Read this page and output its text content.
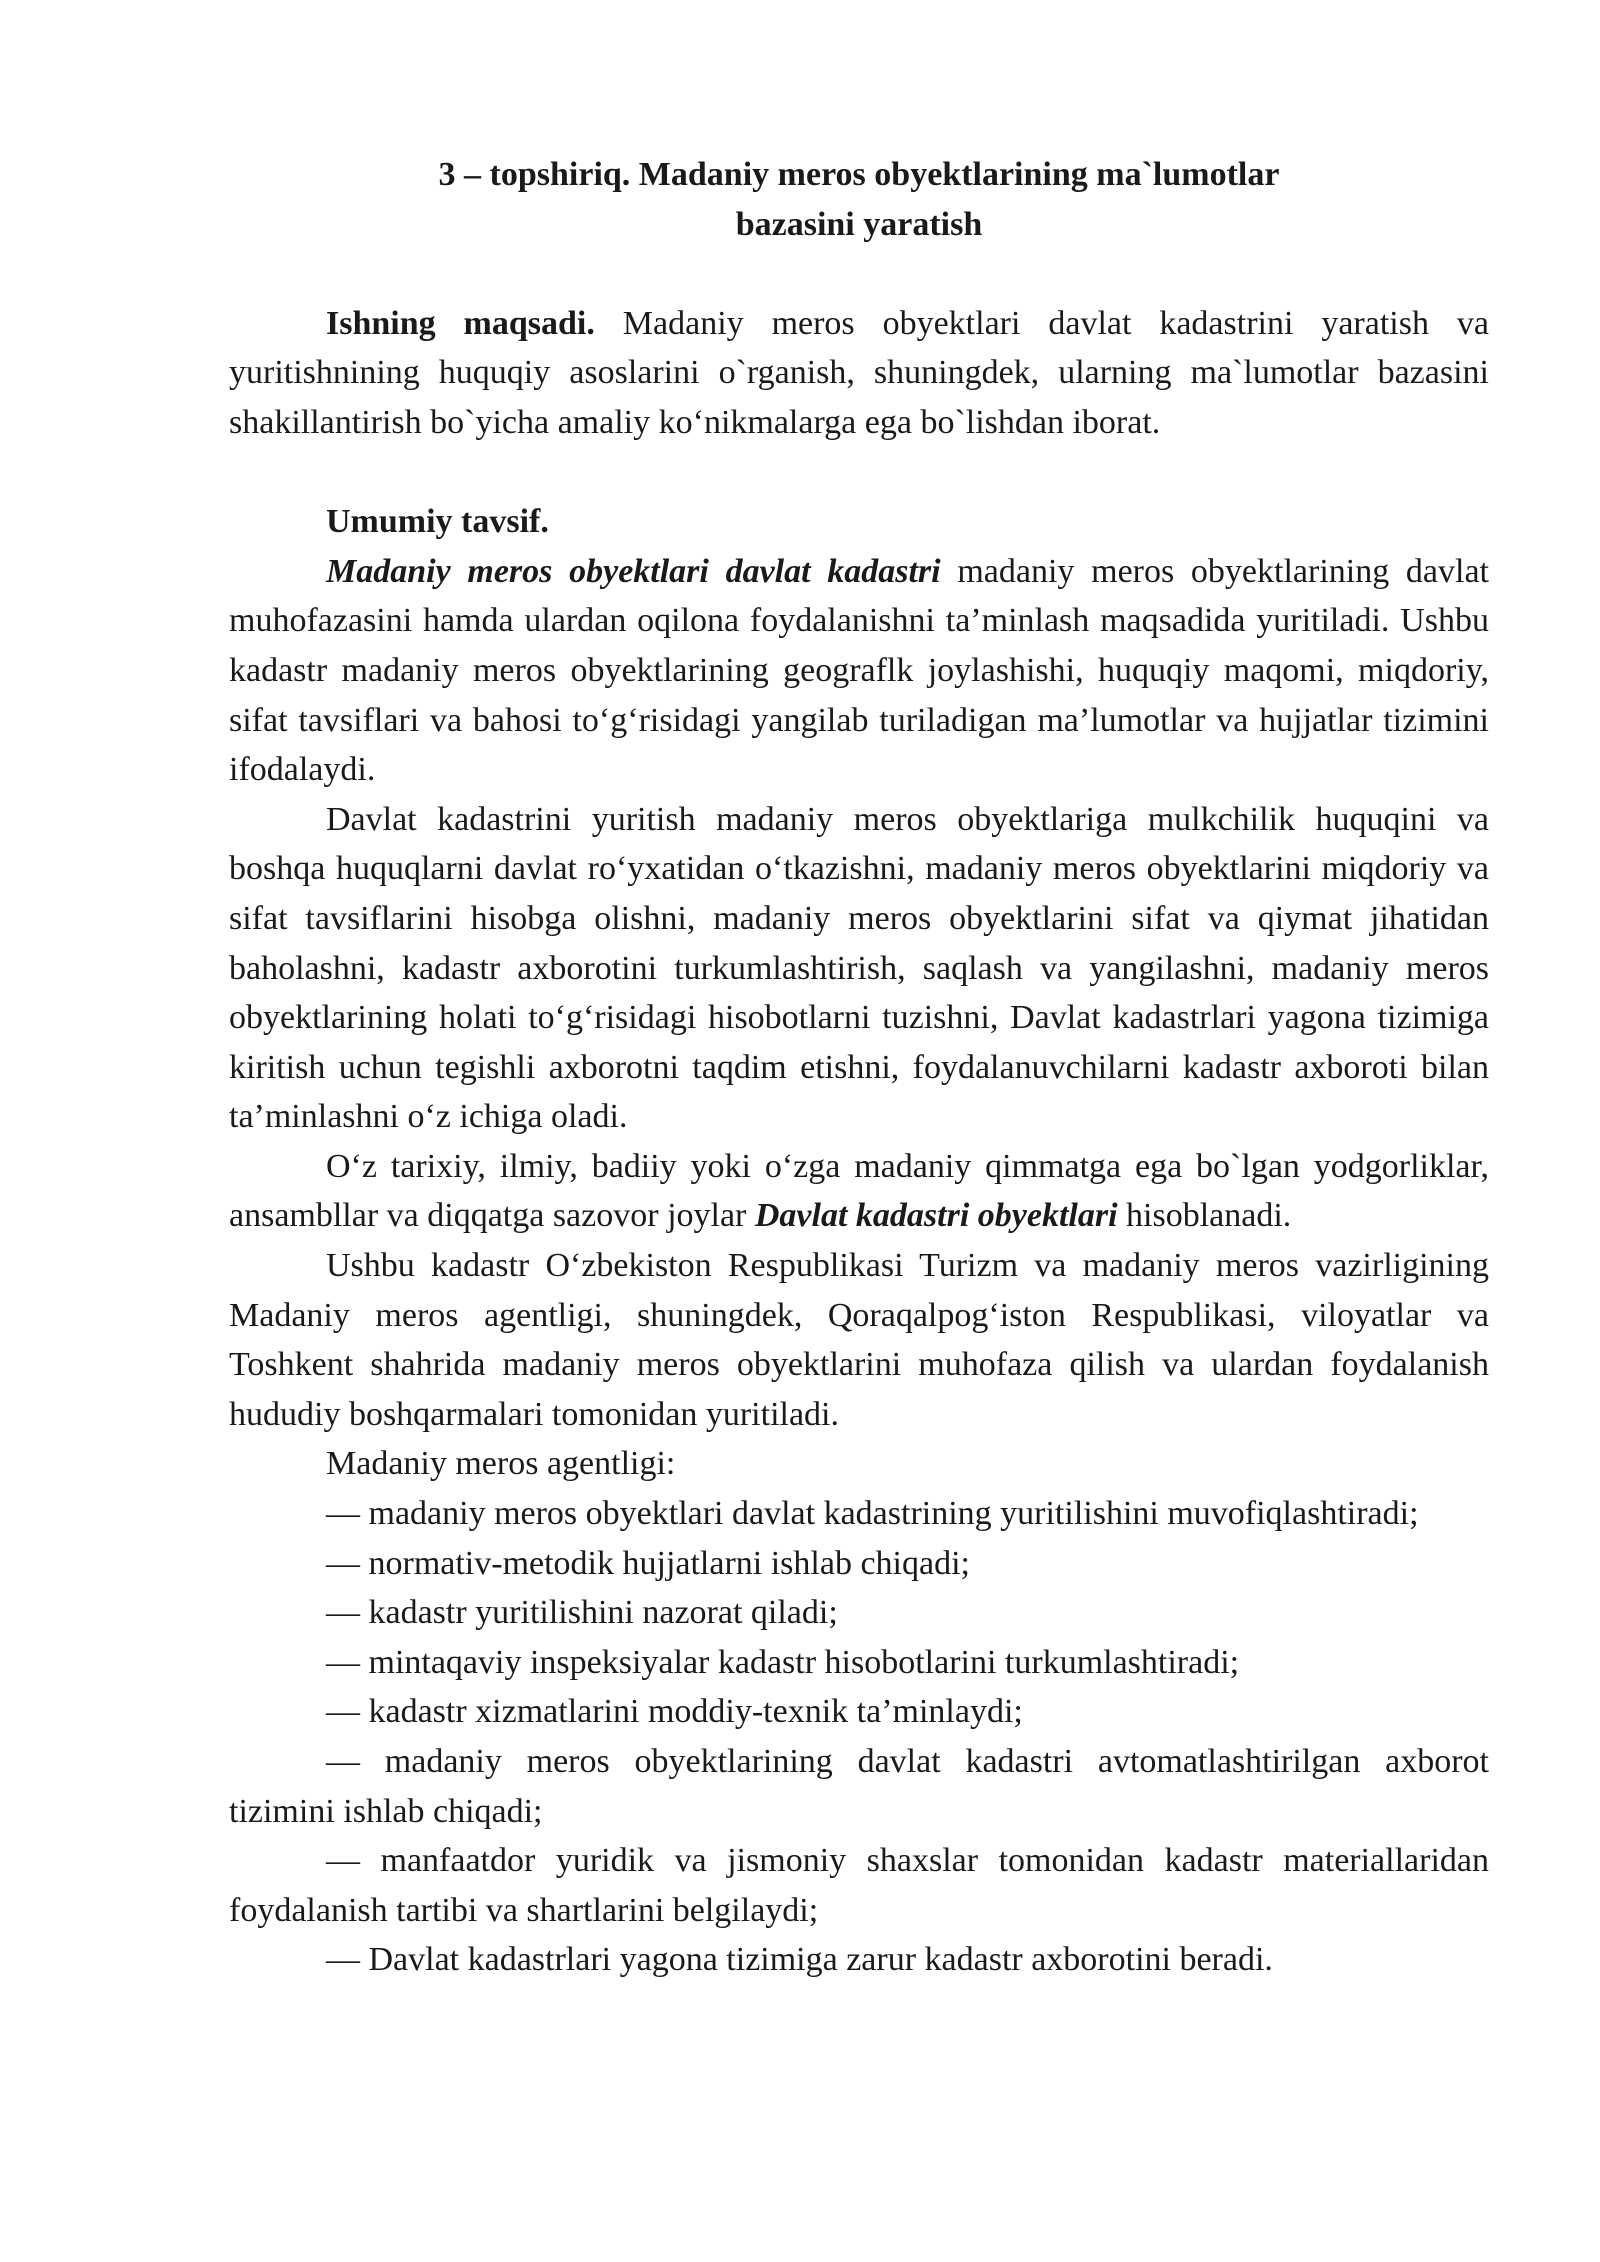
3 – topshiriq. Madaniy meros obyektlarining ma`lumotlar
bazasini yaratish

Ishning maqsadi. Madaniy meros obyektlari davlat kadastrini yaratish va yuritishnining huquqiy asoslarini o`rganish, shuningdek, ularning ma`lumotlar bazasini shakillantirish bo`yicha amaliy ko‘nikmalarga ega bo`lishdan iborat.

Umumiy tavsif.

Madaniy meros obyektlari davlat kadastri madaniy meros obyektlarining davlat muhofazasini hamda ulardan oqilona foydalanishni ta’minlash maqsadida yuritiladi. Ushbu kadastr madaniy meros obyektlarining geograflk joylashishi, huquqiy maqomi, miqdoriy, sifat tavsiflari va bahosi to‘g‘risidagi yangilab turiladigan ma’lumotlar va hujjatlar tizimini ifodalaydi.

Davlat kadastrini yuritish madaniy meros obyektlariga mulkchilik huquqini va boshqa huquqlarni davlat ro‘yxatidan o‘tkazishni, madaniy meros obyektlarini miqdoriy va sifat tavsiflarini hisobga olishni, madaniy meros obyektlarini sifat va qiymat jihatidan baholashni, kadastr axborotini turkumlashtirish, saqlash va yangilashni, madaniy meros obyektlarining holati to‘g‘risidagi hisobotlarni tuzishni, Davlat kadastrlari yagona tizimiga kiritish uchun tegishli axborotni taqdim etishni, foydalanuvchilarni kadastr axboroti bilan ta’minlashni o‘z ichiga oladi.

O‘z tarixiy, ilmiy, badiiy yoki o‘zga madaniy qimmatga ega bo`lgan yodgorliklar, ansambllar va diqqatga sazovor joylar Davlat kadastri obyektlari hisoblanadi.

Ushbu kadastr O‘zbekiston Respublikasi Turizm va madaniy meros vazirligining Madaniy meros agentligi, shuningdek, Qoraqalpog‘iston Respublikasi, viloyatlar va Toshkent shahrida madaniy meros obyektlarini muhofaza qilish va ulardan foydalanish hududiy boshqarmalari tomonidan yuritiladi.

Madaniy meros agentligi:

— madaniy meros obyektlari davlat kadastrining yuritilishini muvofiqlashtiradi;

— normativ-metodik hujjatlarni ishlab chiqadi;

— kadastr yuritilishini nazorat qiladi;

— mintaqaviy inspeksiyalar kadastr hisobotlarini turkumlashtiradi;

— kadastr xizmatlarini moddiy-texnik ta’minlaydi;

— madaniy meros obyektlarining davlat kadastri avtomatlashtirilgan axborot tizimini ishlab chiqadi;

— manfaatdor yuridik va jismoniy shaxslar tomonidan kadastr materiallaridan foydalanish tartibi va shartlarini belgilaydi;

— Davlat kadastrlari yagona tizimiga zarur kadastr axborotini beradi.
